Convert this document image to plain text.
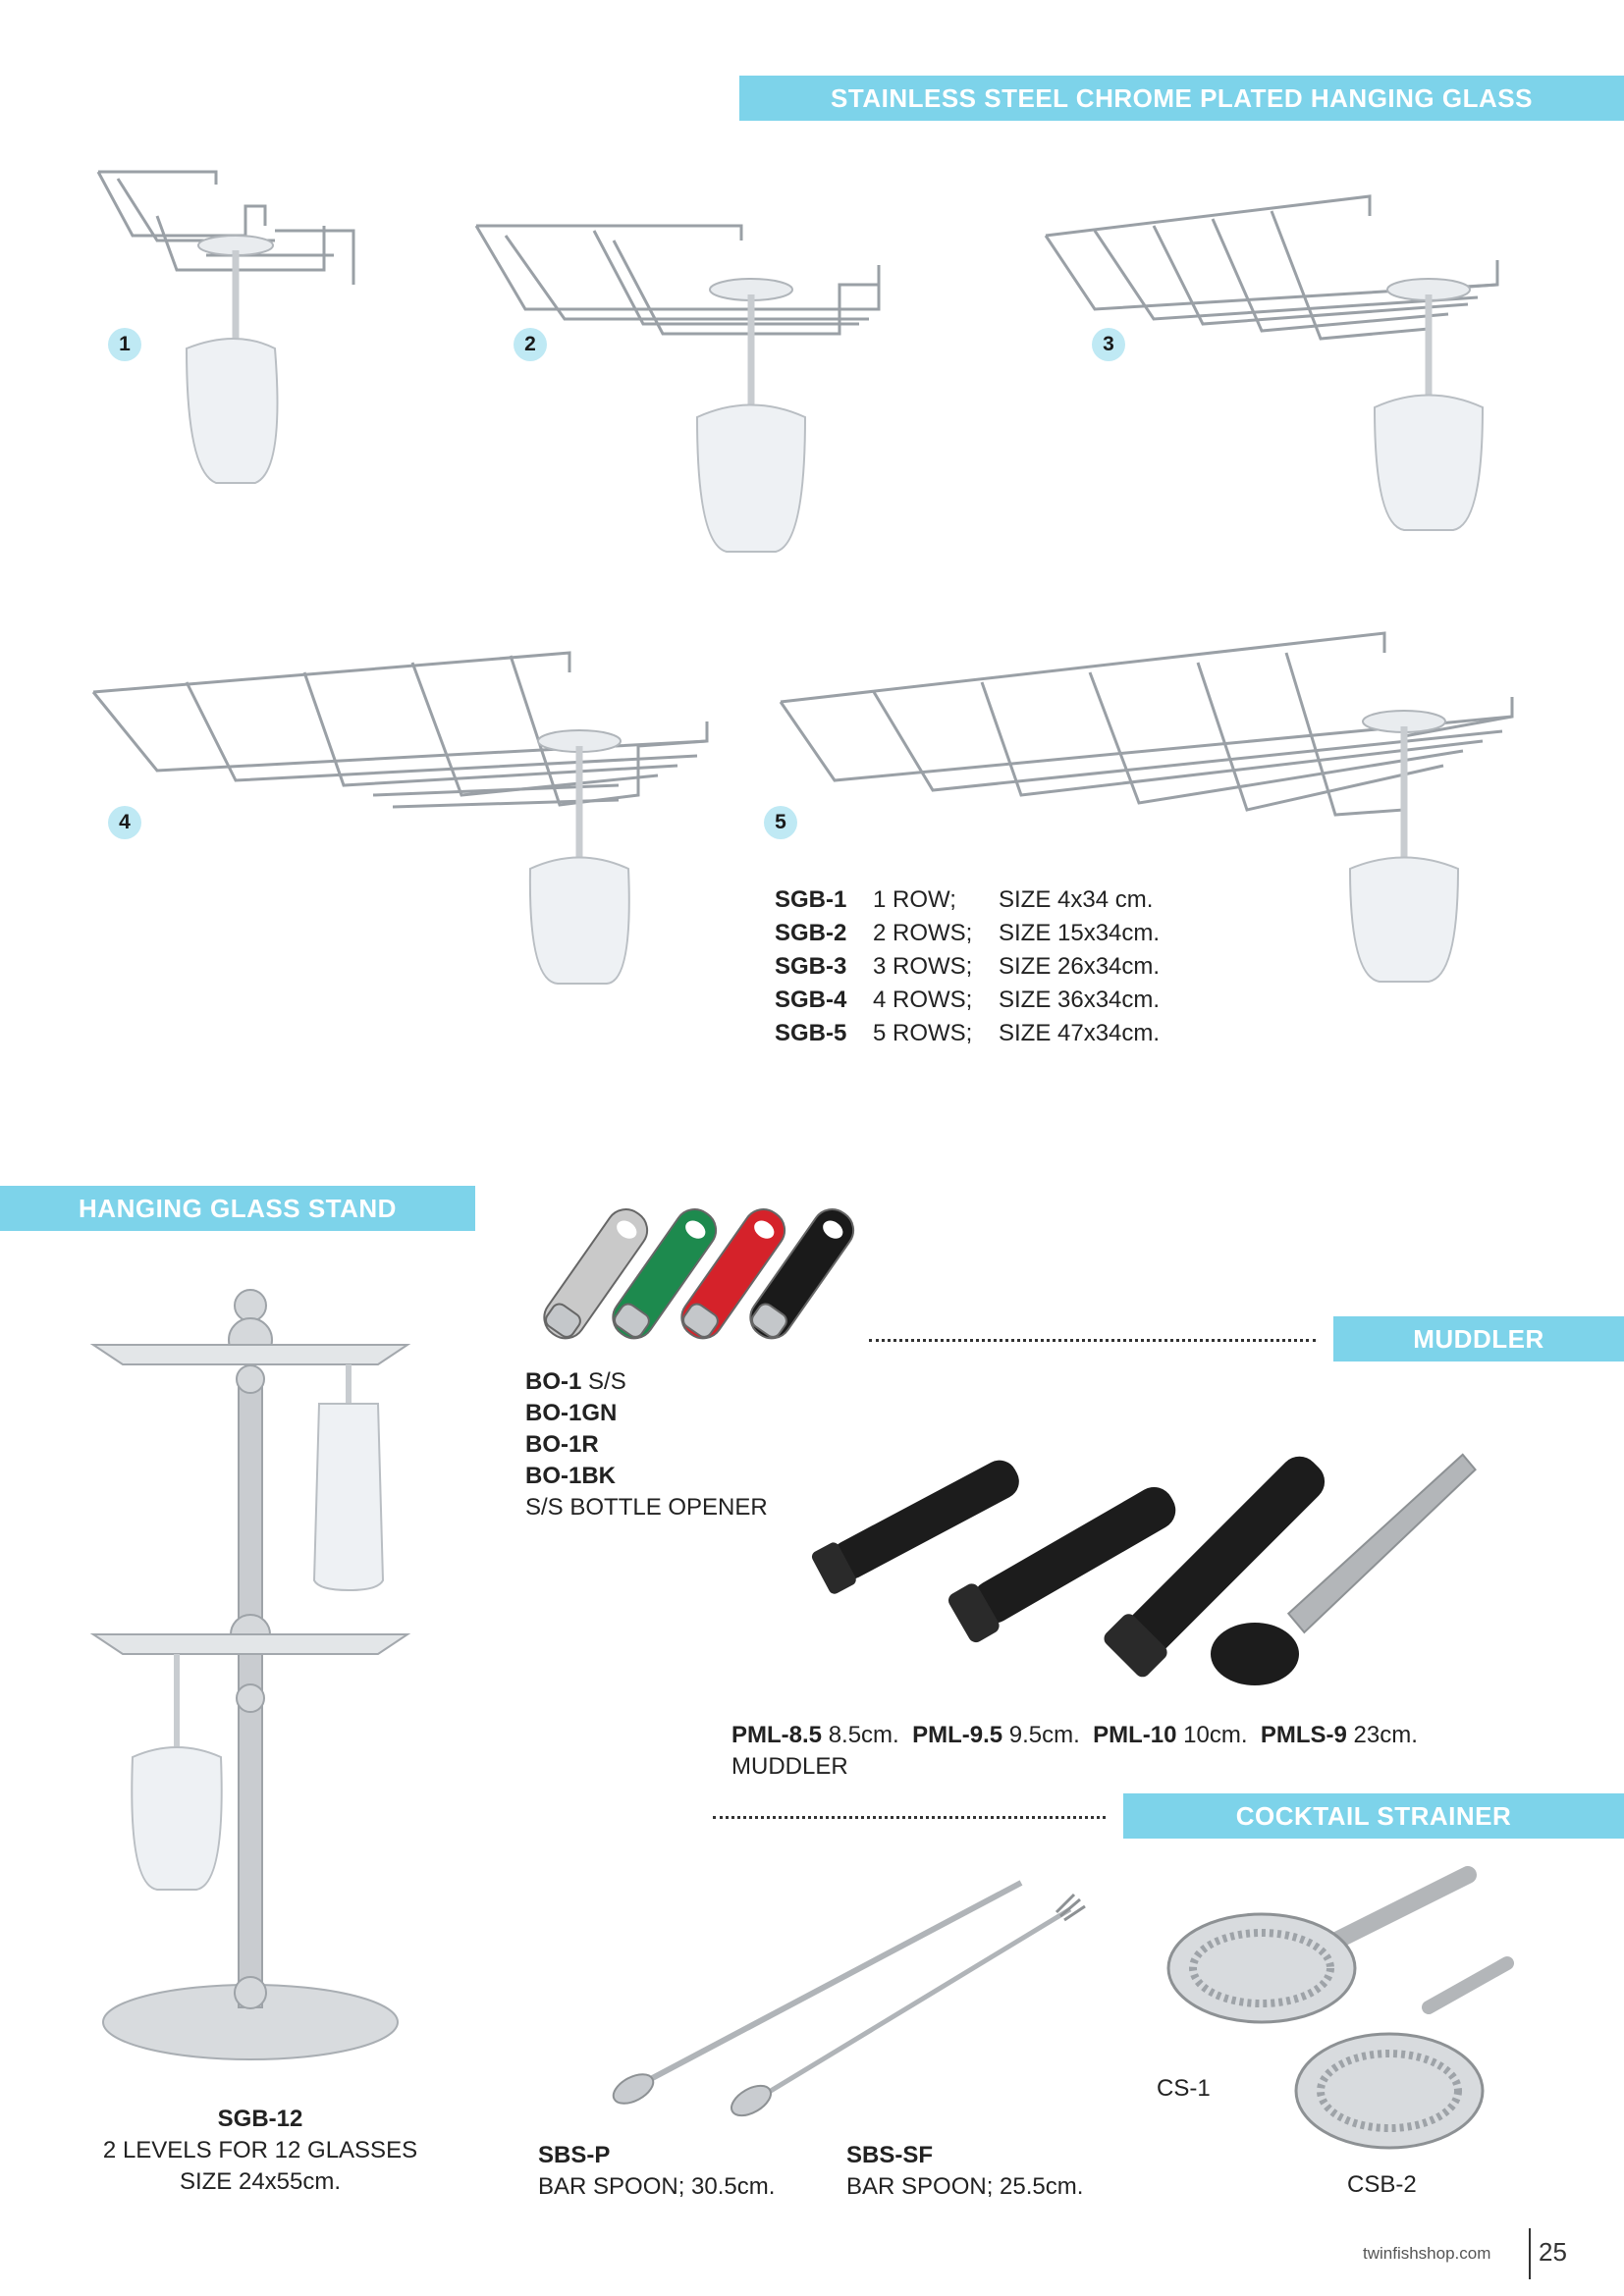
STAINLESS STEEL CHROME PLATED HANGING GLASS
HANGING GLASS STAND
MUDDLER
COCKTAIL STRAINER
1	2	3
4	5
SGB-1 1 ROW; SIZE 4x34 cm.
SGB-2 2 ROWS; SIZE 15x34cm.
SGB-3 3 ROWS; SIZE 26x34cm.
SGB-4 4 ROWS; SIZE 36x34cm.
SGB-5 5 ROWS; SIZE 47x34cm.
SGB-12
2 LEVELS FOR 12 GLASSES
SIZE 24x55cm.
BO-1 S/S
BO-1GN
BO-1R
BO-1BK
S/S BOTTLE OPENER
PML-8.5 8.5cm. PML-9.5 9.5cm. PML-10 10cm. PMLS-9 23cm.
MUDDLER
SBS-P
BAR SPOON; 30.5cm.
SBS-SF
BAR SPOON; 25.5cm.
CS-1
CSB-2
twinfishshop.com 25
